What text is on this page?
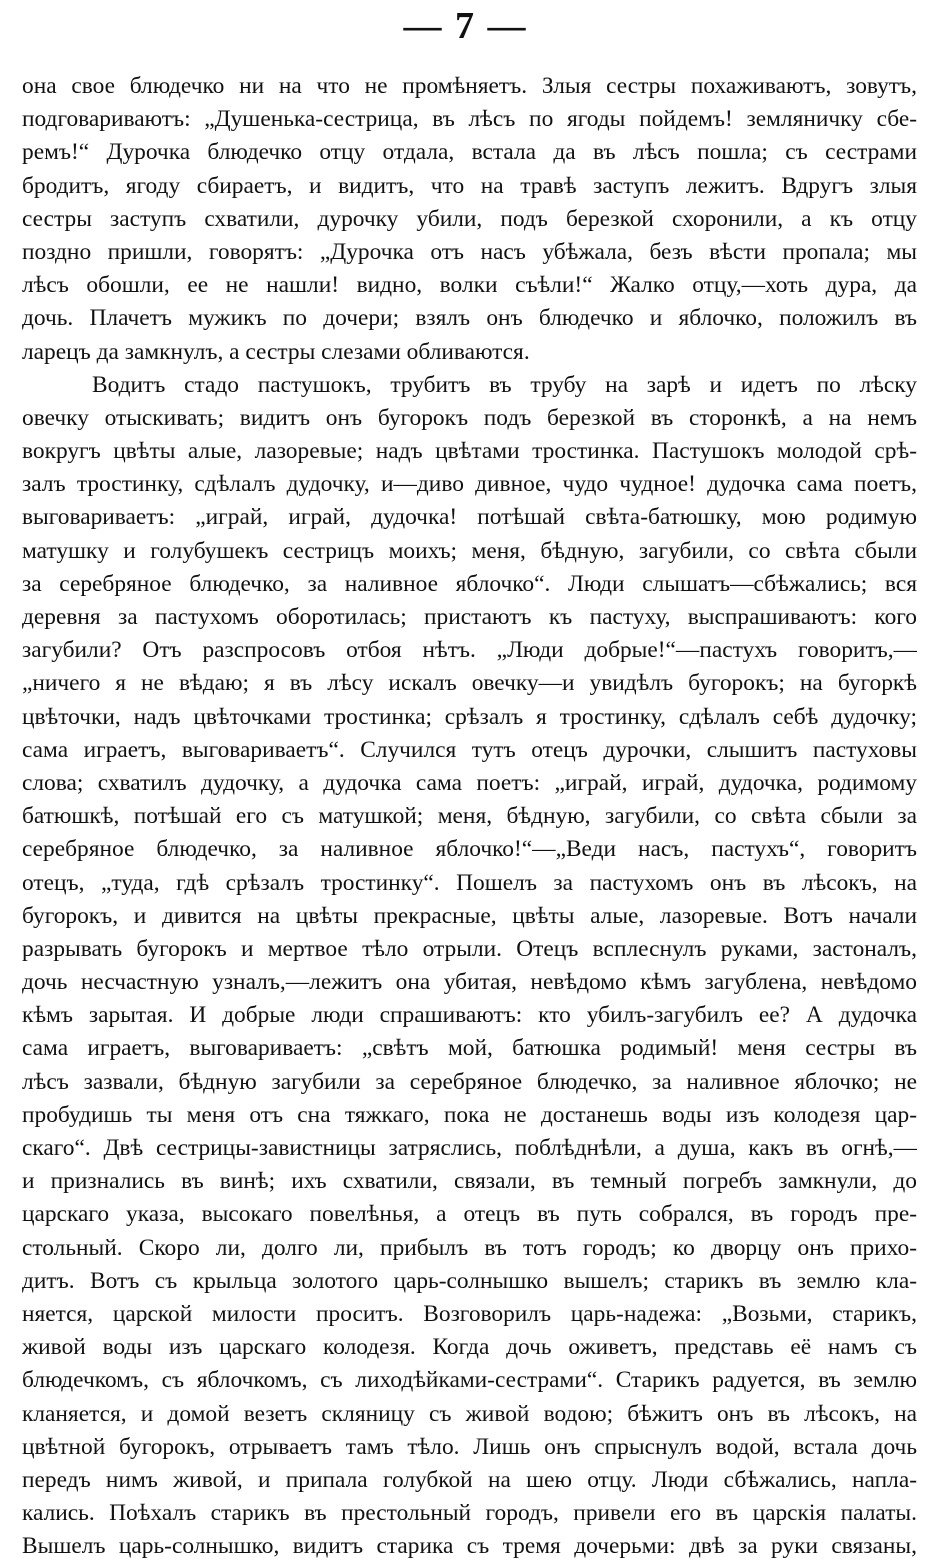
— 7 —
она свое блюдечко ни на что не промѣняетъ. Злыя сестры похаживаютъ, зовутъ,
подговариваютъ: „Душенька-сестрица, въ лѣсъ по ягоды пойдемъ! земляничку сбе-
ремъ!“ Дурочка блюдечко отцу отдала, встала да въ лѣсъ пошла; съ сестрами
бродитъ, ягоду сбираетъ, и видитъ, что на травѣ заступъ лежитъ. Вдругъ злыя
сестры заступъ схватили, дурочку убили, подъ березкой схоронили, а къ отцу
поздно пришли, говорятъ: „Дурочка отъ насъ убѣжала, безъ вѣсти пропала; мы
лѣсъ обошли, ее не нашли! видно, волки съѣли!“ Жалко отцу,—хоть дура, да
дочь. Плачетъ мужикъ по дочери; взялъ онъ блюдечко и яблочко, положилъ въ
ларецъ да замкнулъ, а сестры слезами обливаются.
Водитъ стадо пастушокъ, трубитъ въ трубу на зарѣ и идетъ по лѣску
овечку отыскивать; видитъ онъ бугорокъ подъ березкой въ сторонкѣ, а на немъ
вокругъ цвѣты алые, лазоревые; надъ цвѣтами тростинка. Пастушокъ молодой срѣ-
залъ тростинку, сдѣлалъ дудочку, и—диво дивное, чудо чудное! дудочка сама поетъ,
выговариваетъ: „играй, играй, дудочка! потѣшай свѣта-батюшку, мою родимую
матушку и голубушекъ сестрицъ моихъ; меня, бѣдную, загубили, со свѣта сбыли
за серебряное блюдечко, за наливное яблочко“. Люди слышатъ—сбѣжались; вся
деревня за пастухомъ оборотилась; пристаютъ къ пастуху, выспрашиваютъ: кого
загубили? Отъ разспросовъ отбоя нѣтъ. „Люди добрые!“—пастухъ говоритъ,—
„ничего я не вѣдаю; я въ лѣсу искалъ овечку—и увидѣлъ бугорокъ; на бугоркѣ
цвѣточки, надъ цвѣточками тростинка; срѣзалъ я тростинку, сдѣлалъ себѣ дудочку;
сама играетъ, выговариваетъ“. Случился тутъ отецъ дурочки, слышитъ пастуховы
слова; схватилъ дудочку, а дудочка сама поетъ: „играй, играй, дудочка, родимому
батюшкѣ, потѣшай его съ матушкой; меня, бѣдную, загубили, со свѣта сбыли за
серебряное блюдечко, за наливное яблочко!“—„Веди насъ, пастухъ“, говоритъ
отецъ, „туда, гдѣ срѣзалъ тростинку“. Пошелъ за пастухомъ онъ въ лѣсокъ, на
бугорокъ, и дивится на цвѣты прекрасные, цвѣты алые, лазоревые. Вотъ начали
разрывать бугорокъ и мертвое тѣло отрыли. Отецъ всплеснулъ руками, застоналъ,
дочь несчастную узналъ,—лежитъ она убитая, невѣдомо кѣмъ загублена, невѣдомо
кѣмъ зарытая. И добрые люди спрашиваютъ: кто убилъ-загубилъ ее? А дудочка
сама играетъ, выговариваетъ: „свѣтъ мой, батюшка родимый! меня сестры въ
лѣсъ зазвали, бѣдную загубили за серебряное блюдечко, за наливное яблочко; не
пробудишь ты меня отъ сна тяжкаго, пока не достанешь воды изъ колодезя цар-
скаго“. Двѣ сестрицы-завистницы затряслись, поблѣднѣли, а душа, какъ въ огнѣ,—
и признались въ винѣ; ихъ схватили, связали, въ темный погребъ замкнули, до
царскаго указа, высокаго повелѣнья, а отецъ въ путь собрался, въ городъ пре-
стольный. Скоро ли, долго ли, прибылъ въ тотъ городъ; ко дворцу онъ прихо-
дитъ. Вотъ съ крыльца золотого царь-солнышко вышелъ; старикъ въ землю кла-
няется, царской милости проситъ. Возговорилъ царь-надежа: „Возьми, старикъ,
живой воды изъ царскаго колодезя. Когда дочь оживетъ, представь её намъ съ
блюдечкомъ, съ яблочкомъ, съ лиходѣйками-сестрами“. Старикъ радуется, въ землю
кланяется, и домой везетъ скляницу съ живой водою; бѣжитъ онъ въ лѣсокъ, на
цвѣтной бугорокъ, отрываетъ тамъ тѣло. Лишь онъ спрыснулъ водой, встала дочь
передъ нимъ живой, и припала голубкой на шею отцу. Люди сбѣжались, напла-
кались. Поѣхалъ старикъ въ престольный городъ, привели его въ царскія палаты.
Вышелъ царь-солнышко, видитъ старика съ тремя дочерьми: двѣ за руки связаны,
